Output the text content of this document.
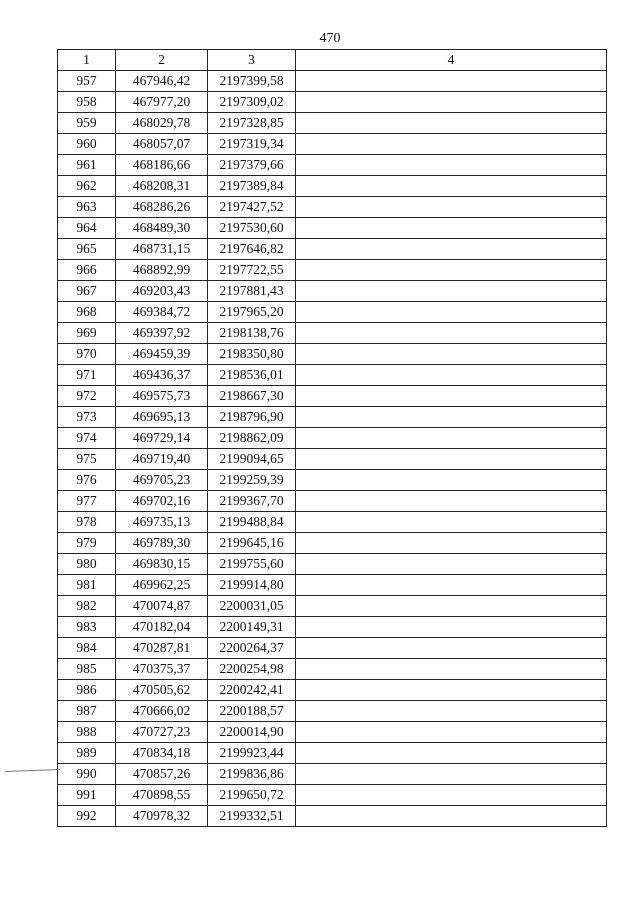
470
1	2	3	4
957	467946,42	2197399,58	
958	467977,20	2197309,02	
959	468029,78	2197328,85	
960	468057,07	2197319,34	
961	468186,66	2197379,66	
962	468208,31	2197389,84	
963	468286,26	2197427,52	
964	468489,30	2197530,60	
965	468731,15	2197646,82	
966	468892,99	2197722,55	
967	469203,43	2197881,43	
968	469384,72	2197965,20	
969	469397,92	2198138,76	
970	469459,39	2198350,80	
971	469436,37	2198536,01	
972	469575,73	2198667,30	
973	469695,13	2198796,90	
974	469729,14	2198862,09	
975	469719,40	2199094,65	
976	469705,23	2199259,39	
977	469702,16	2199367,70	
978	469735,13	2199488,84	
979	469789,30	2199645,16	
980	469830,15	2199755,60	
981	469962,25	2199914,80	
982	470074,87	2200031,05	
983	470182,04	2200149,31	
984	470287,81	2200264,37	
985	470375,37	2200254,98	
986	470505,62	2200242,41	
987	470666,02	2200188,57	
988	470727,23	2200014,90	
989	470834,18	2199923,44	
990	470857,26	2199836,86	
991	470898,55	2199650,72	
992	470978,32	2199332,51	
